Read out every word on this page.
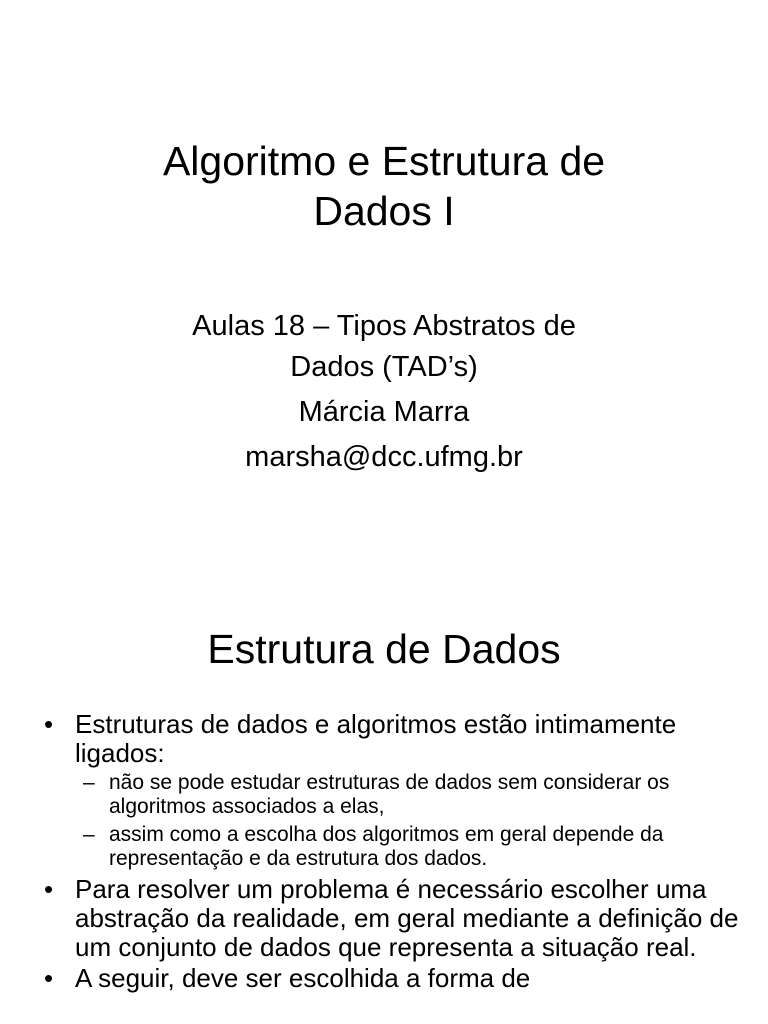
Algoritmo e Estrutura de
Dados I
Aulas 18 – Tipos Abstratos de
Dados (TAD’s)
Márcia Marra
marsha@dcc.ufmg.br
Estrutura de Dados
• Estruturas de dados e algoritmos estão intimamente ligados:
– não se pode estudar estruturas de dados sem considerar os algoritmos associados a elas,
– assim como a escolha dos algoritmos em geral depende da representação e da estrutura dos dados.
• Para resolver um problema é necessário escolher uma abstração da realidade, em geral mediante a definição de um conjunto de dados que representa a situação real.
• A seguir, deve ser escolhida a forma de
